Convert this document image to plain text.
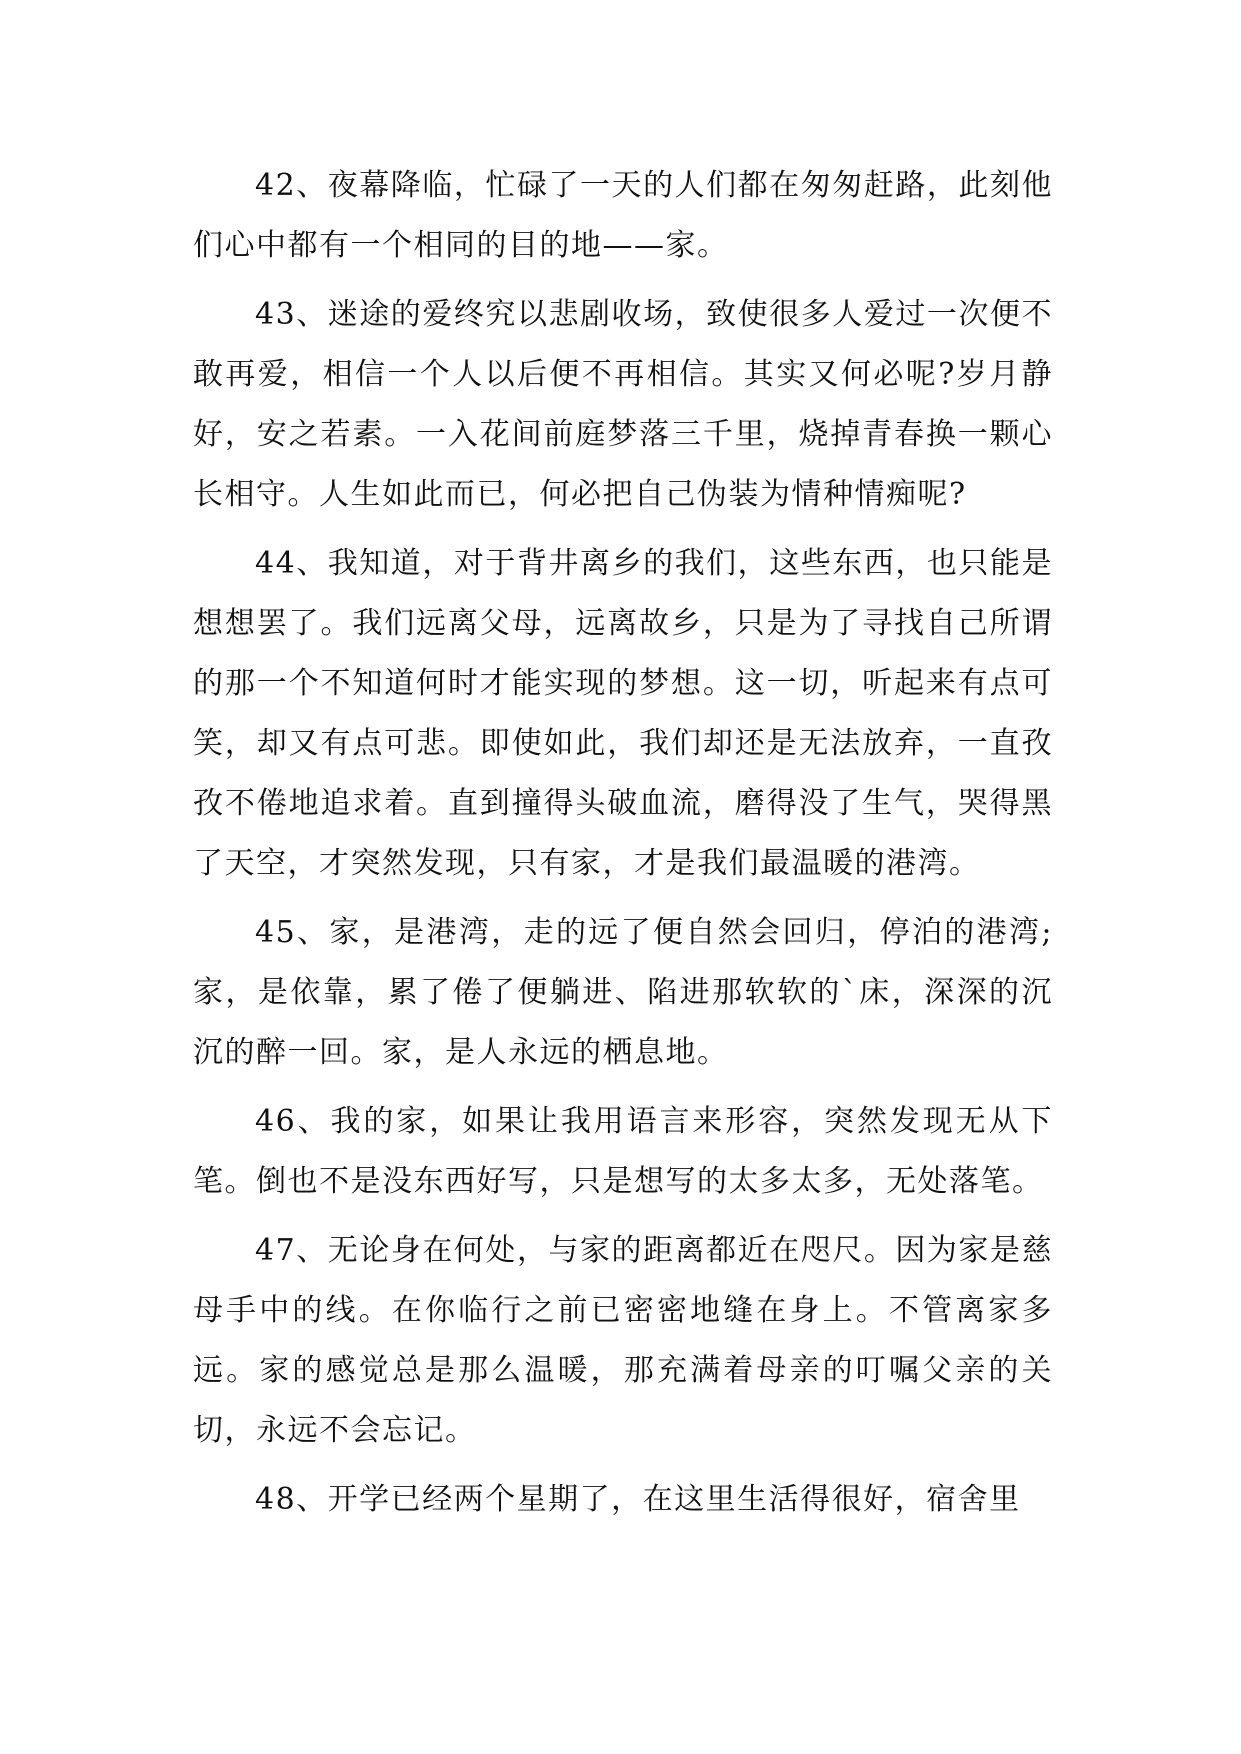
42、夜幕降临，忙碌了一天的人们都在匆匆赶路，此刻他们心中都有一个相同的目的地——家。

43、迷途的爱终究以悲剧收场，致使很多人爱过一次便不敢再爱，相信一个人以后便不再相信。其实又何必呢?岁月静好，安之若素。一入花间前庭梦落三千里，烧掉青春换一颗心长相守。人生如此而已，何必把自己伪装为情种情痴呢?

44、我知道，对于背井离乡的我们，这些东西，也只能是想想罢了。我们远离父母，远离故乡，只是为了寻找自己所谓的那一个不知道何时才能实现的梦想。这一切，听起来有点可笑，却又有点可悲。即使如此，我们却还是无法放弃，一直孜孜不倦地追求着。直到撞得头破血流，磨得没了生气，哭得黑了天空，才突然发现，只有家，才是我们最温暖的港湾。

45、家，是港湾，走的远了便自然会回归，停泊的港湾;家，是依靠，累了倦了便躺进、陷进那软软的`床，深深的沉沉的醉一回。家，是人永远的栖息地。

46、我的家，如果让我用语言来形容，突然发现无从下笔。倒也不是没东西好写，只是想写的太多太多，无处落笔。

47、无论身在何处，与家的距离都近在咫尺。因为家是慈母手中的线。在你临行之前已密密地缝在身上。不管离家多远。家的感觉总是那么温暖，那充满着母亲的叮嘱父亲的关切，永远不会忘记。

48、开学已经两个星期了，在这里生活得很好，宿舍里
